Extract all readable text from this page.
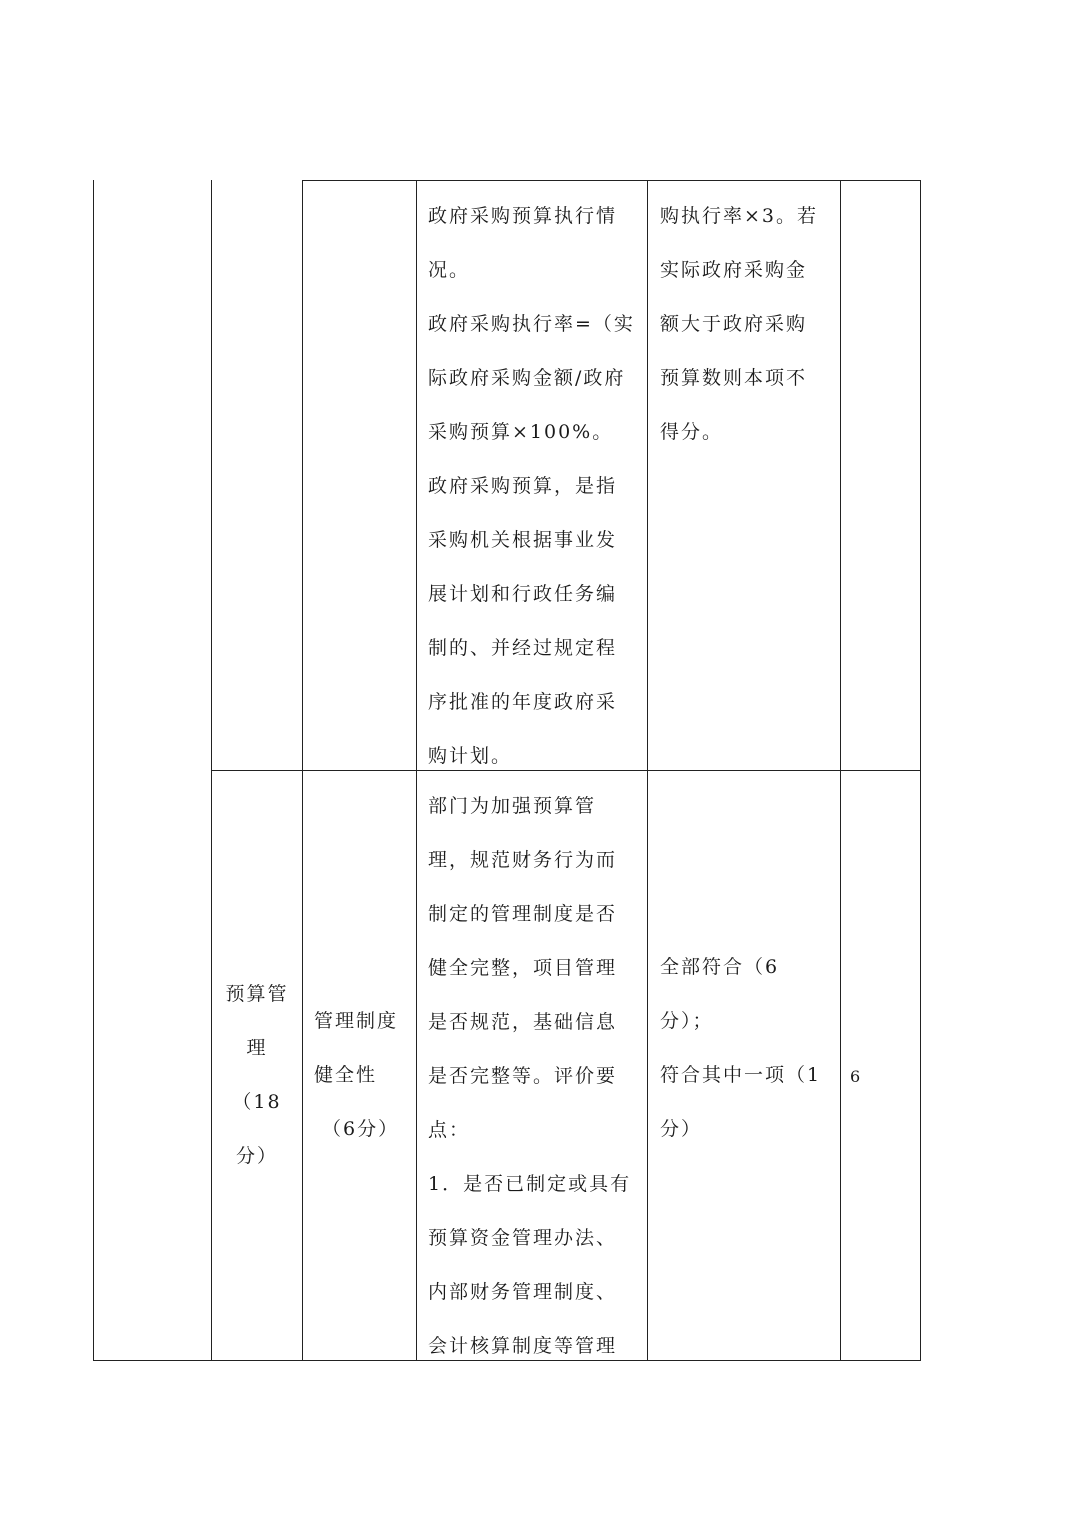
政府采购预算执行情
况。
政府采购执行率=（实
际政府采购金额/政府
采购预算×100%。
政府采购预算，是指
采购机关根据事业发
展计划和行政任务编
制的、并经过规定程
序批准的年度政府采
购计划。
购执行率×3。若
实际政府采购金
额大于政府采购
预算数则本项不
得分。
预算管
理
（18
分）
管理制度
健全性
（6分）
部门为加强预算管
理，规范财务行为而
制定的管理制度是否
健全完整，项目管理
是否规范，基础信息
是否完整等。评价要
点：
1．是否已制定或具有
预算资金管理办法、
内部财务管理制度、
会计核算制度等管理
全部符合（6
分）；
符合其中一项（1
分）
6
